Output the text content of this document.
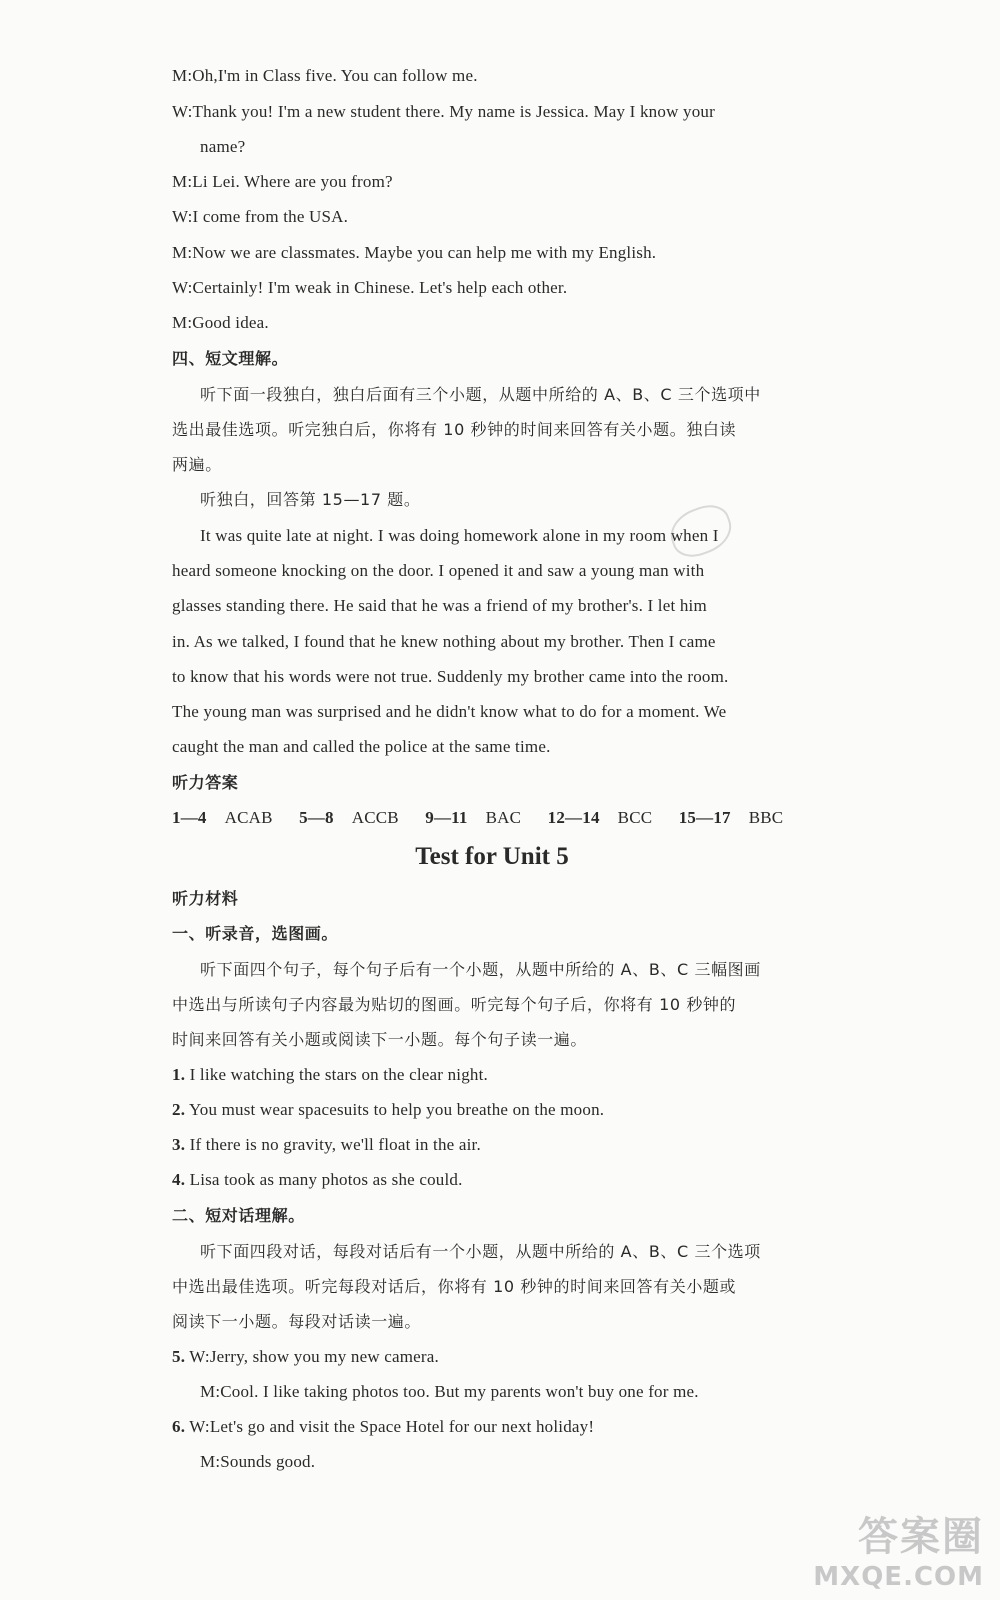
M:Oh,I'm in Class five. You can follow me.
W:Thank you! I'm a new student there. My name is Jessica. May I know your
name?
M:Li Lei. Where are you from?
W:I come from the USA.
M:Now we are classmates. Maybe you can help me with my English.
W:Certainly! I'm weak in Chinese. Let's help each other.
M:Good idea.
四、短文理解。
听下面一段独白，独白后面有三个小题，从题中所给的 A、B、C 三个选项中
选出最佳选项。听完独白后，你将有 10 秒钟的时间来回答有关小题。独白读
两遍。
听独白，回答第 15—17 题。
It was quite late at night. I was doing homework alone in my room when I
heard someone knocking on the door. I opened it and saw a young man with
glasses standing there. He said that he was a friend of my brother's. I let him
in. As we talked, I found that he knew nothing about my brother. Then I came
to know that his words were not true. Suddenly my brother came into the room.
The young man was surprised and he didn't know what to do for a moment. We
caught the man and called the police at the same time.
听力答案
1—4 ACAB 5—8 ACCB 9—11 BAC 12—14 BCC 15—17 BBC
Test for Unit 5
听力材料
一、听录音，选图画。
听下面四个句子，每个句子后有一个小题，从题中所给的 A、B、C 三幅图画
中选出与所读句子内容最为贴切的图画。听完每个句子后，你将有 10 秒钟的
时间来回答有关小题或阅读下一小题。每个句子读一遍。
1. I like watching the stars on the clear night.
2. You must wear spacesuits to help you breathe on the moon.
3. If there is no gravity, we'll float in the air.
4. Lisa took as many photos as she could.
二、短对话理解。
听下面四段对话，每段对话后有一个小题，从题中所给的 A、B、C 三个选项
中选出最佳选项。听完每段对话后，你将有 10 秒钟的时间来回答有关小题或
阅读下一小题。每段对话读一遍。
5. W:Jerry, show you my new camera.
M:Cool. I like taking photos too. But my parents won't buy one for me.
6. W:Let's go and visit the Space Hotel for our next holiday!
M:Sounds good.
答案圈
MXQE.COM
